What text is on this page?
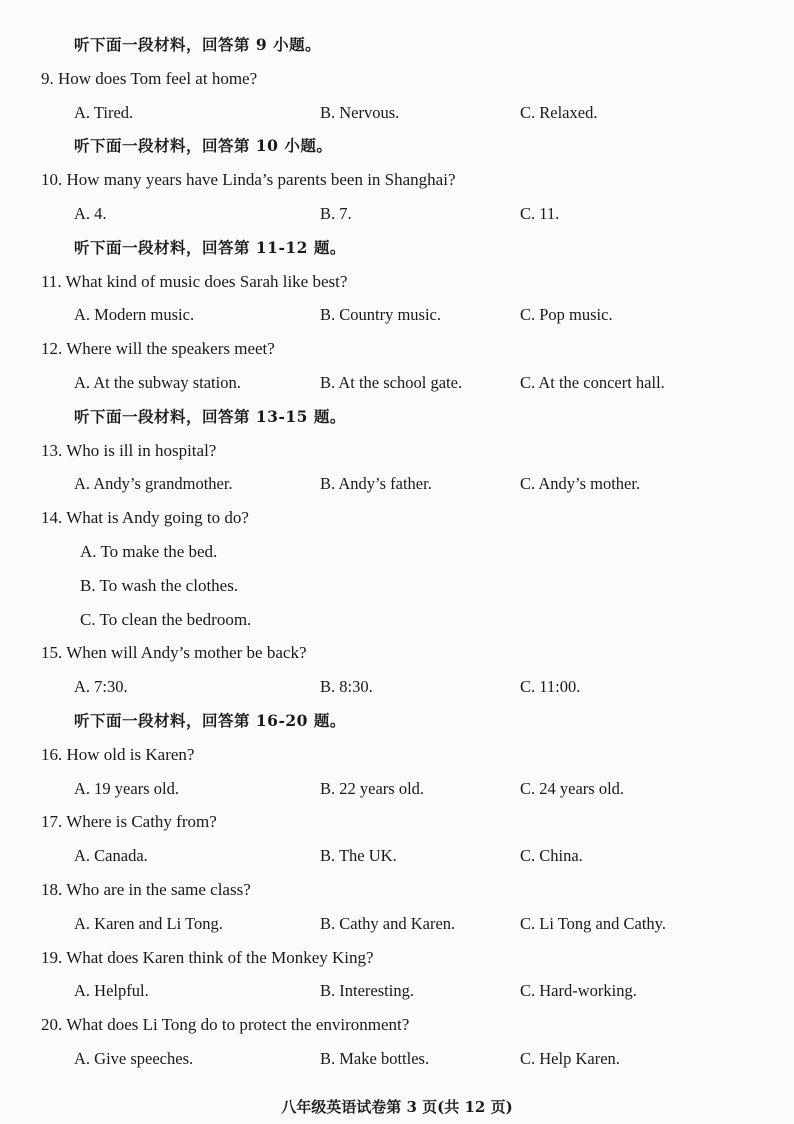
听下面一段材料，回答第 9 小题。
9. How does Tom feel at home?
A. Tired.	B. Nervous.	C. Relaxed.
听下面一段材料，回答第 10 小题。
10. How many years have Linda’s parents been in Shanghai?
A. 4.	B. 7.	C. 11.
听下面一段材料，回答第 11-12 题。
11. What kind of music does Sarah like best?
A. Modern music.	B. Country music.	C. Pop music.
12. Where will the speakers meet?
A. At the subway station.	B. At the school gate.	C. At the concert hall.
听下面一段材料，回答第 13-15 题。
13. Who is ill in hospital?
A. Andy’s grandmother.	B. Andy’s father.	C. Andy’s mother.
14. What is Andy going to do?
A. To make the bed.
B. To wash the clothes.
C. To clean the bedroom.
15. When will Andy’s mother be back?
A. 7:30.	B. 8:30.	C. 11:00.
听下面一段材料，回答第 16-20 题。
16. How old is Karen?
A. 19 years old.	B. 22 years old.	C. 24 years old.
17. Where is Cathy from?
A. Canada.	B. The UK.	C. China.
18. Who are in the same class?
A. Karen and Li Tong.	B. Cathy and Karen.	C. Li Tong and Cathy.
19. What does Karen think of the Monkey King?
A. Helpful.	B. Interesting.	C. Hard-working.
20. What does Li Tong do to protect the environment?
A. Give speeches.	B. Make bottles.	C. Help Karen.
八年级英语试卷第 3 页(共 12 页)
